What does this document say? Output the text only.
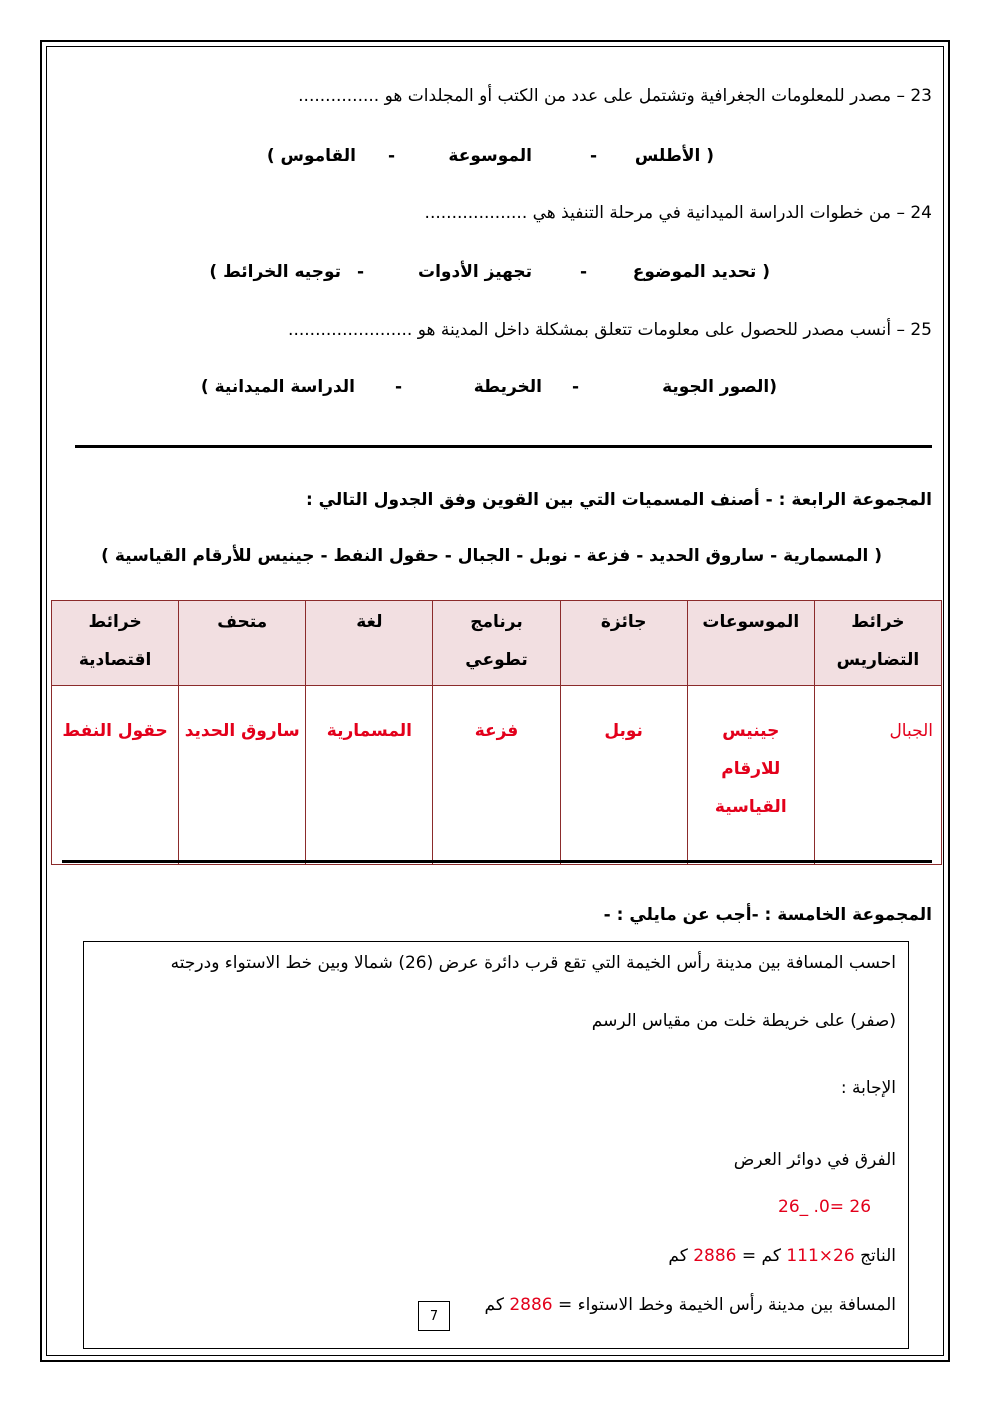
23 – مصدر للمعلومات الجغرافية وتشتمل على عدد من الكتب أو المجلدات هو ...............
( الأطلس
-
الموسوعة
-
القاموس )
24 – من خطوات الدراسة الميدانية في مرحلة التنفيذ هي ...................
( تحديد الموضوع
-
تجهيز الأدوات
-
توجيه الخرائط )
25 – أنسب مصدر للحصول على معلومات تتعلق بمشكلة داخل المدينة هو .......................
(الصور الجوية
-
الخريطة
-
الدراسة الميدانية )
المجموعة الرابعة : - أصنف المسميات التي بين القوين وفق الجدول التالي :
( المسمارية - ساروق الحديد - فزعة - نوبل - الجبال - حقول النفط - جينيس للأرقام القياسية )
خرائط التضاريس	الموسوعات	جائزة	برنامج تطوعي	لغة	متحف	خرائط اقتصادية
الجبال	جينيس للارقام القياسية	نوبل	فزعة	المسمارية	ساروق الحديد	حقول النفط
المجموعة الخامسة : -أجب عن مايلي : -
احسب المسافة بين مدينة رأس الخيمة التي تقع قرب دائرة عرض (26) شمالا وبين خط الاستواء ودرجته
(صفر) على خريطة خلت من مقياس الرسم
الإجابة :
الفرق في دوائر العرض
26_ .0= 26
الناتج 26×111 كم = 2886 كم
المسافة بين مدينة رأس الخيمة وخط الاستواء = 2886 كم
7
